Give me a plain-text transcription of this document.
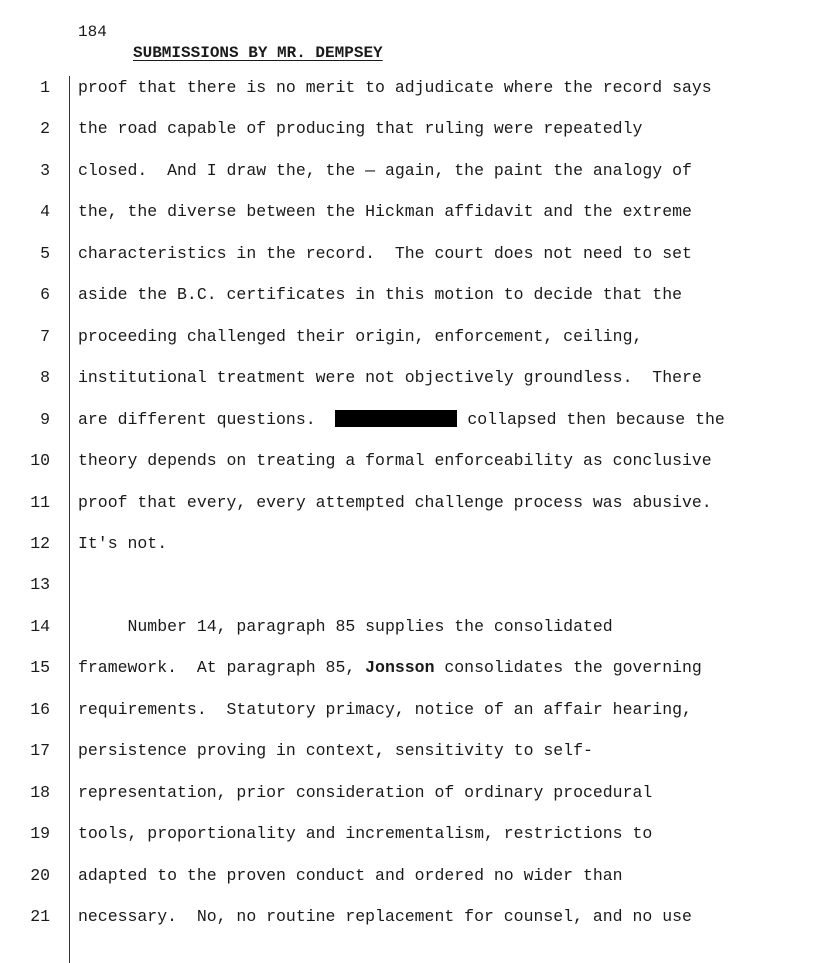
184
SUBMISSIONS BY MR. DEMPSEY
1 proof that there is no merit to adjudicate where the record says
2 the road capable of producing that ruling were repeatedly
3 closed.  And I draw the, the — again, the paint the analogy of
4 the, the diverse between the Hickman affidavit and the extreme
5 characteristics in the record.  The court does not need to set
6 aside the B.C. certificates in this motion to decide that the
7 proceeding challenged their origin, enforcement, ceiling,
8 institutional treatment were not objectively groundless.  There
9 are different questions.	collapsed then because the
10 theory depends on treating a formal enforceability as conclusive
11 proof that every, every attempted challenge process was abusive.
12 It's not.
13
14 Number 14, paragraph 85 supplies the consolidated
15 framework.  At paragraph 85, Jonsson consolidates the governing
16 requirements.  Statutory primacy, notice of an affair hearing,
17 persistence proving in context, sensitivity to self-
18 representation, prior consideration of ordinary procedural
19 tools, proportionality and incrementalism, restrictions to
20 adapted to the proven conduct and ordered no wider than
21 necessary.  No, no routine replacement for counsel, and no use
